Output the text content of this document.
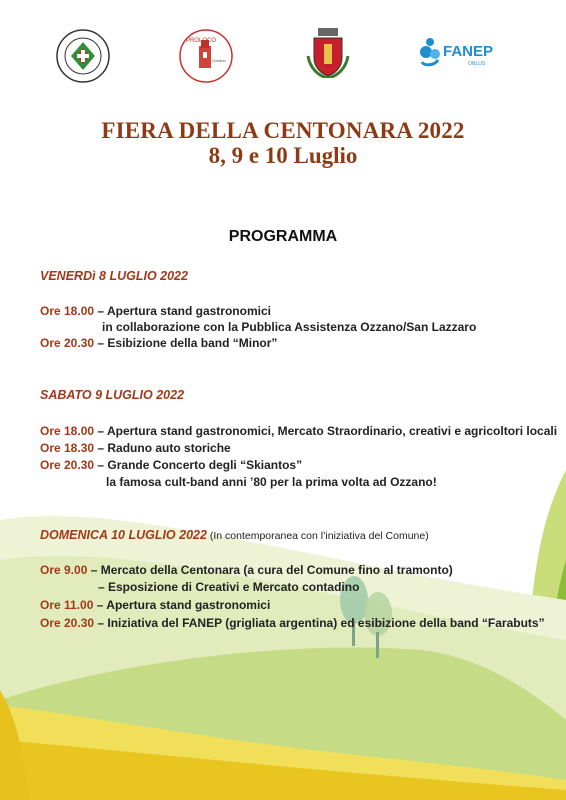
PROLOCO
Ozzano
FANEP
ONLUS
FIERA DELLA CENTONARA 2022
8, 9 e 10 Luglio
PROGRAMMA
VENERDì 8 LUGLIO 2022
Ore 18.00 – Apertura stand gastronomici
in collaborazione con la Pubblica Assistenza Ozzano/San Lazzaro
Ore 20.30 – Esibizione della band “Minor”
SABATO 9 LUGLIO 2022
Ore 18.00 – Apertura stand gastronomici, Mercato Straordinario, creativi e agricoltori locali
Ore 18.30 – Raduno auto storiche
Ore 20.30 – Grande Concerto degli “Skiantos”
la famosa cult-band anni ’80 per la prima volta ad Ozzano!
DOMENICA 10 LUGLIO 2022 (In contemporanea con l’iniziativa del Comune)
Ore 9.00 – Mercato della Centonara (a cura del Comune fino al tramonto)
– Esposizione di Creativi e Mercato contadino
Ore 11.00 – Apertura stand gastronomici
Ore 20.30 – Iniziativa del FANEP (grigliata argentina) ed esibizione della band “Farabuts”
